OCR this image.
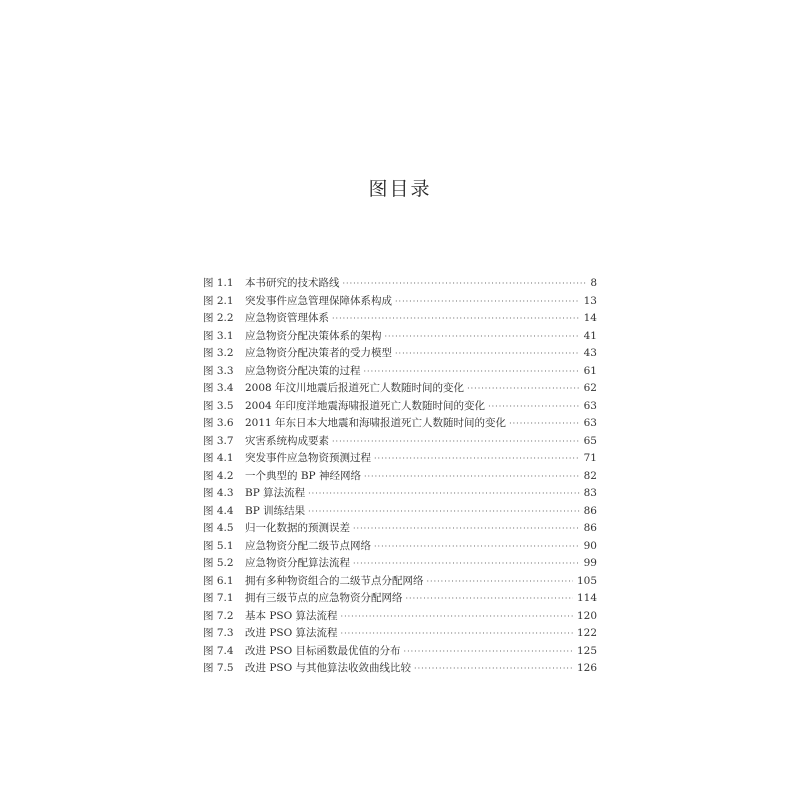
图目录
图 1.1	本书研究的技术路线 ·····	8
图 2.1	突发事件应急管理保障体系构成 ·····	13
图 2.2	应急物资管理体系 ·····	14
图 3.1	应急物资分配决策体系的架构 ·····	41
图 3.2	应急物资分配决策者的受力模型 ·····	43
图 3.3	应急物资分配决策的过程 ·····	61
图 3.4	2008 年汶川地震后报道死亡人数随时间的变化 ·····	62
图 3.5	2004 年印度洋地震海啸报道死亡人数随时间的变化 ·····	63
图 3.6	2011 年东日本大地震和海啸报道死亡人数随时间的变化 ·····	63
图 3.7	灾害系统构成要素 ·····	65
图 4.1	突发事件应急物资预测过程 ·····	71
图 4.2	一个典型的 BP 神经网络 ·····	82
图 4.3	BP 算法流程 ·····	83
图 4.4	BP 训练结果 ·····	86
图 4.5	归一化数据的预测误差 ·····	86
图 5.1	应急物资分配二级节点网络 ·····	90
图 5.2	应急物资分配算法流程 ·····	99
图 6.1	拥有多种物资组合的二级节点分配网络 ·····	105
图 7.1	拥有三级节点的应急物资分配网络 ·····	114
图 7.2	基本 PSO 算法流程 ·····	120
图 7.3	改进 PSO 算法流程 ·····	122
图 7.4	改进 PSO 目标函数最优值的分布 ·····	125
图 7.5	改进 PSO 与其他算法收敛曲线比较 ·····	126
